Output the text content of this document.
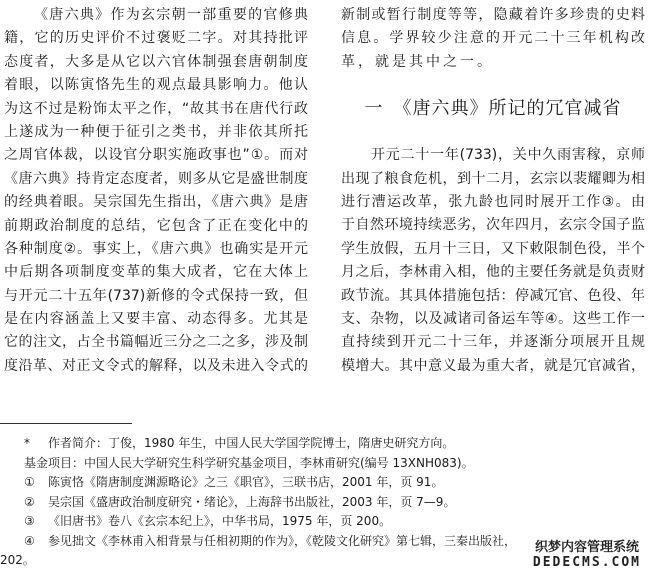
《唐六典》作为玄宗朝一部重要的官修典
籍，它的历史评价不过褒贬二字。对其持批评
态度者，大多是从它以六官体制强套唐朝制度
着眼，以陈寅恪先生的观点最具影响力。他认
为这不过是粉饰太平之作，“故其书在唐代行政
上遂成为一种便于征引之类书，并非依其所托
之周官体裁，以设官分职实施政事也”①。而对
《唐六典》持肯定态度者，则多从它是盛世制度
的经典着眼。吴宗国先生指出，《唐六典》是唐
前期政治制度的总结，它包含了正在变化中的
各种制度②。事实上，《唐六典》也确实是开元
中后期各项制度变革的集大成者，它在大体上
与开元二十五年(737)新修的令式保持一致，但
是在内容涵盖上又要丰富、动态得多。尤其是
它的注文，占全书篇幅近三分之二之多，涉及制
度沿革、对正文令式的解释，以及未进入令式的
新制或暂行制度等等，隐藏着许多珍贵的史料
信息。学界较少注意的开元二十三年机构改
革，就是其中之一。
一　《唐六典》所记的冗官减省
开元二十一年(733)，关中久雨害稼，京师
出现了粮食危机，到十二月，玄宗以裴耀卿为相
进行漕运改革，张九龄也同时展开工作③。由
于自然环境持续恶劣，次年四月，玄宗令国子监
学生放假，五月十三日，又下敕限制色役，半个
月之后，李林甫入相，他的主要任务就是负责财
政节流。其具体措施包括：停减冗官、色役、年
支、杂物，以及减诸司备运车等④。这些工作一
直持续到开元二十三年，并逐渐分项展开且规
模增大。其中意义最为重大者，就是冗官减省，
* 作者简介：丁俊，1980 年生，中国人民大学国学院博士，隋唐史研究方向。
基金项目：中国人民大学研究生科学研究基金项目，李林甫研究(编号 13XNH083)。
① 陈寅恪《隋唐制度渊源略论》之三《职官》，三联书店，2001 年，页 91。
② 吴宗国《盛唐政治制度研究・绪论》，上海辞书出版社，2003 年，页 7—9。
③ 《旧唐书》卷八《玄宗本纪上》，中华书局，1975 年，页 200。
④ 参见拙文《李林甫入相背景与任相初期的作为》，《乾陵文化研究》第七辑，三秦出版社，
202。
织梦内容管理系统
DEDECMS.COM
